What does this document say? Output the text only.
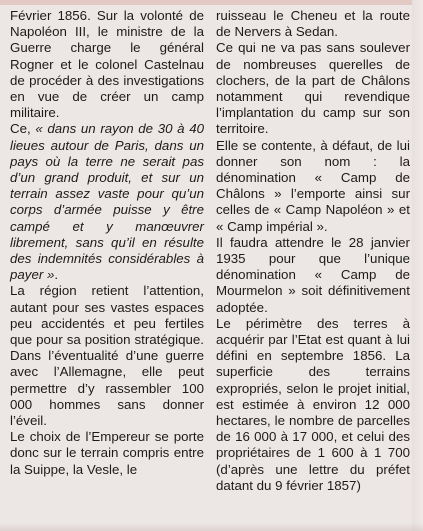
Février 1856. Sur la volonté de Napoléon III, le ministre de la Guerre charge le général Rogner et le colonel Castelnau de procéder à des investigations en vue de créer un camp militaire.

Ce, « dans un rayon de 30 à 40 lieues autour de Paris, dans un pays où la terre ne serait pas d’un grand produit, et sur un terrain assez vaste pour qu’un corps d’armée puisse y être campé et y manœuvrer librement, sans qu’il en résulte des indemnités considérables à payer ».

La région retient l’attention, autant pour ses vastes espaces peu accidentés et peu fertiles que pour sa position stratégique. Dans l’éventualité d’une guerre avec l’Allemagne, elle peut permettre d’y rassembler 100 000 hommes sans donner l’éveil.

Le choix de l’Empereur se porte donc sur le terrain compris entre la Suippe, la Vesle, le

ruisseau le Cheneu et la route de Nervers à Sedan.

Ce qui ne va pas sans soulever de nombreuses querelles de clochers, de la part de Châlons notamment qui revendique l’implantation du camp sur son territoire.

Elle se contente, à défaut, de lui donner son nom : la dénomination « Camp de Châlons » l’emporte ainsi sur celles de « Camp Napoléon » et « Camp impérial ».

Il faudra attendre le 28 janvier 1935 pour que l’unique dénomination « Camp de Mourmelon » soit définitivement adoptée.

Le périmètre des terres à acquérir par l’Etat est quant à lui défini en septembre 1856. La superficie des terrains expropriés, selon le projet initial, est estimée à environ 12 000 hectares, le nombre de parcelles de 16 000 à 17 000, et celui des propriétaires de 1 600 à 1 700 (d’après une lettre du préfet datant du 9 février 1857)
